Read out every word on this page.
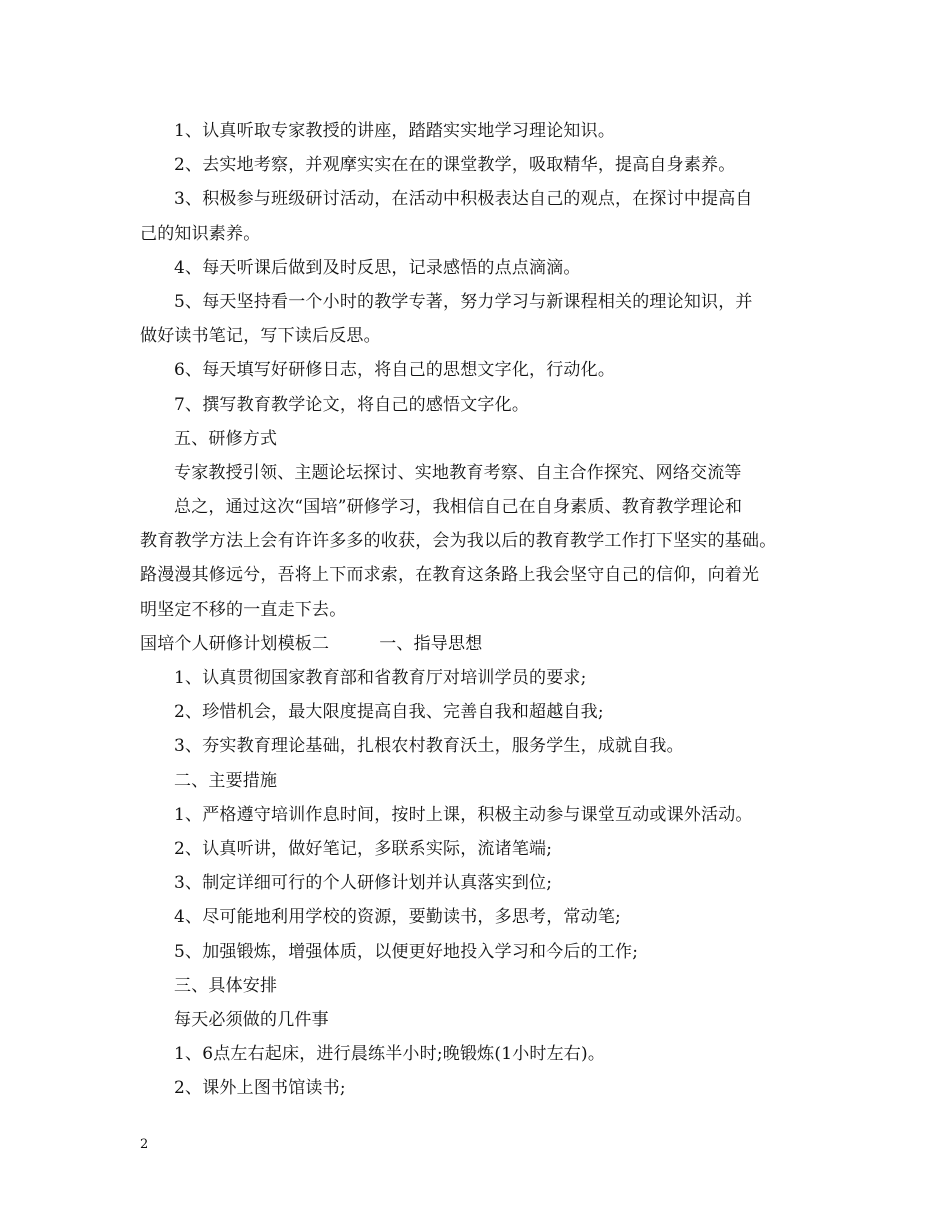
1、认真听取专家教授的讲座，踏踏实实地学习理论知识。
2、去实地考察，并观摩实实在在的课堂教学，吸取精华，提高自身素养。
3、积极参与班级研讨活动，在活动中积极表达自己的观点，在探讨中提高自
己的知识素养。
4、每天听课后做到及时反思，记录感悟的点点滴滴。
5、每天坚持看一个小时的教学专著，努力学习与新课程相关的理论知识，并
做好读书笔记，写下读后反思。
6、每天填写好研修日志，将自己的思想文字化，行动化。
7、撰写教育教学论文，将自己的感悟文字化。
五、研修方式
专家教授引领、主题论坛探讨、实地教育考察、自主合作探究、网络交流等
总之，通过这次“国培”研修学习，我相信自己在自身素质、教育教学理论和
教育教学方法上会有许许多多的收获，会为我以后的教育教学工作打下坚实的基础。
路漫漫其修远兮，吾将上下而求索，在教育这条路上我会坚守自己的信仰，向着光
明坚定不移的一直走下去。
国培个人研修计划模板二	一、指导思想
1、认真贯彻国家教育部和省教育厅对培训学员的要求;
2、珍惜机会，最大限度提高自我、完善自我和超越自我;
3、夯实教育理论基础，扎根农村教育沃土，服务学生，成就自我。
二、主要措施
1、严格遵守培训作息时间，按时上课，积极主动参与课堂互动或课外活动。
2、认真听讲，做好笔记，多联系实际，流诸笔端;
3、制定详细可行的个人研修计划并认真落实到位;
4、尽可能地利用学校的资源，要勤读书，多思考，常动笔;
5、加强锻炼，增强体质，以便更好地投入学习和今后的工作;
三、具体安排
每天必须做的几件事
1、6点左右起床，进行晨练半小时;晚锻炼(1小时左右)。
2、课外上图书馆读书;
2
